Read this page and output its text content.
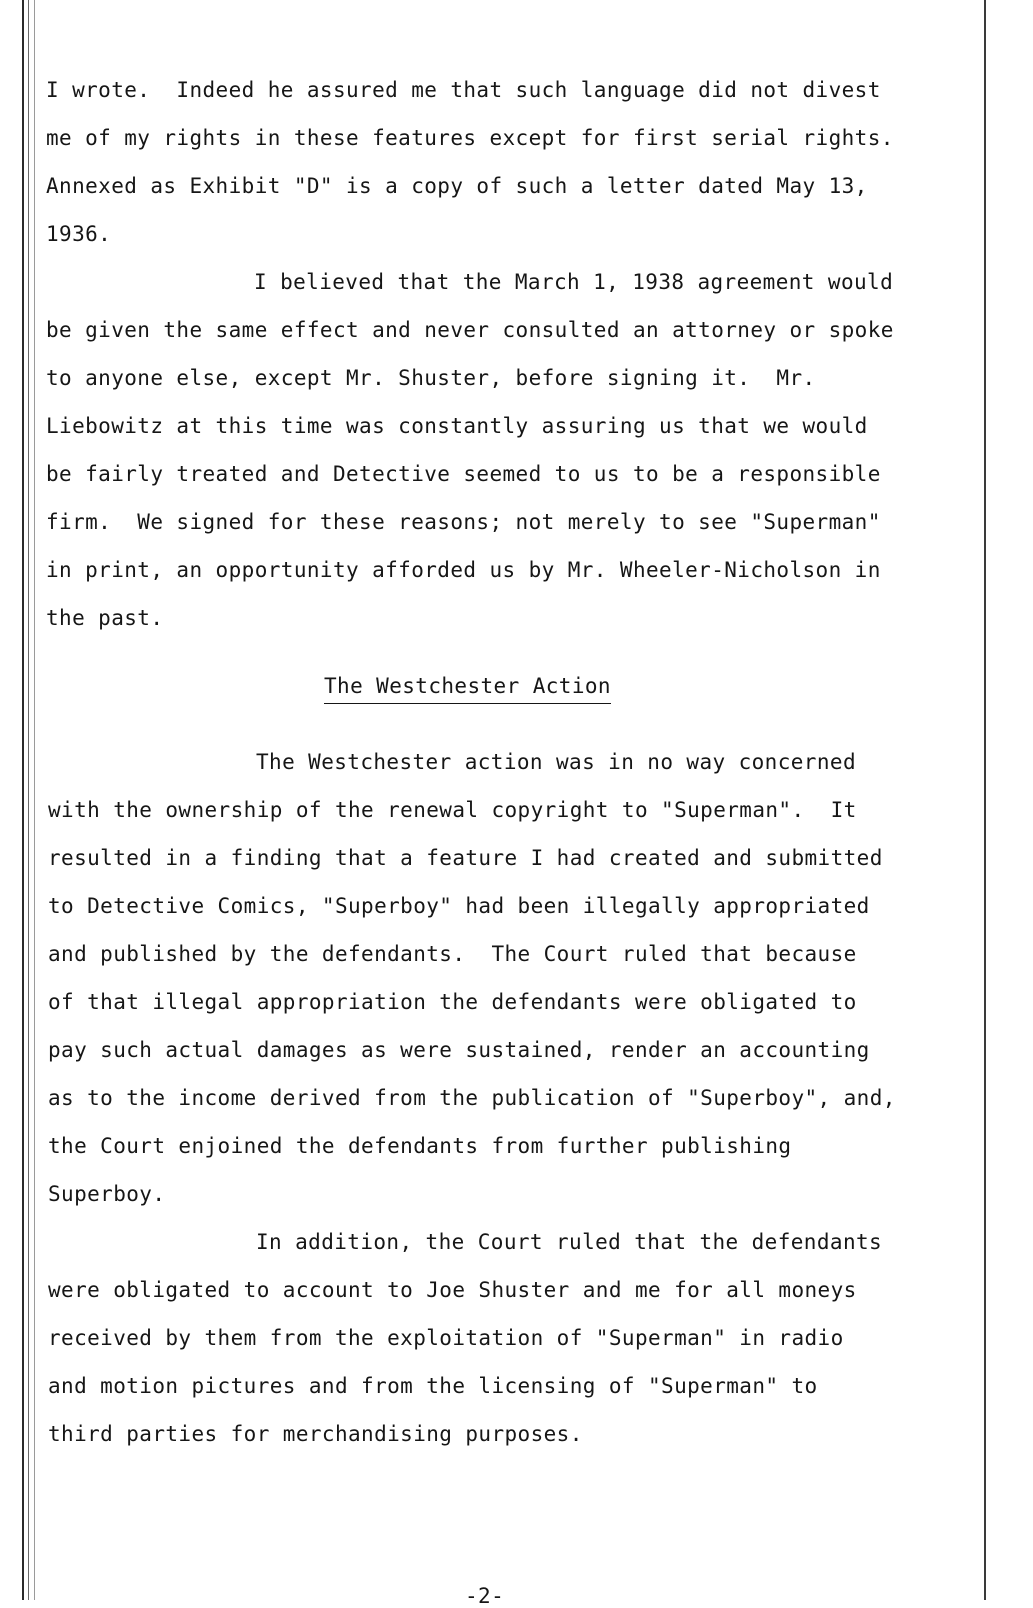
I wrote.  Indeed he assured me that such language did not divest
me of my rights in these features except for first serial rights.
Annexed as Exhibit "D" is a copy of such a letter dated May 13,
1936.
I believed that the March 1, 1938 agreement would
be given the same effect and never consulted an attorney or spoke
to anyone else, except Mr. Shuster, before signing it.  Mr.
Liebowitz at this time was constantly assuring us that we would
be fairly treated and Detective seemed to us to be a responsible
firm.  We signed for these reasons; not merely to see "Superman"
in print, an opportunity afforded us by Mr. Wheeler-Nicholson in
the past.
The Westchester Action
The Westchester action was in no way concerned
with the ownership of the renewal copyright to "Superman".  It
resulted in a finding that a feature I had created and submitted
to Detective Comics, "Superboy" had been illegally appropriated
and published by the defendants.  The Court ruled that because
of that illegal appropriation the defendants were obligated to
pay such actual damages as were sustained, render an accounting
as to the income derived from the publication of "Superboy", and,
the Court enjoined the defendants from further publishing
Superboy.
In addition, the Court ruled that the defendants
were obligated to account to Joe Shuster and me for all moneys
received by them from the exploitation of "Superman" in radio
and motion pictures and from the licensing of "Superman" to
third parties for merchandising purposes.
-2-
